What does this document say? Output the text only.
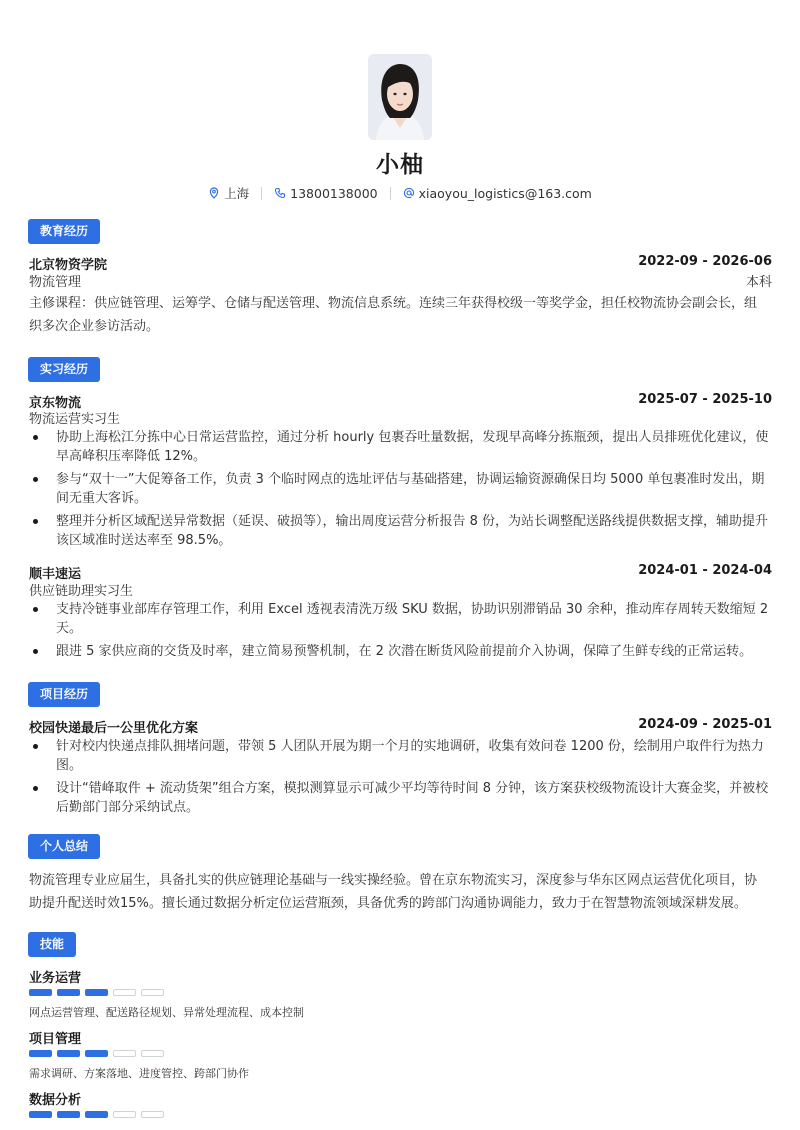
小柚
上海	13800138000	xiaoyou_logistics@163.com
教育经历
北京物资学院	2022-09 - 2026-06
物流管理	本科
主修课程：供应链管理、运筹学、仓储与配送管理、物流信息系统。连续三年获得校级一等奖学金，担任校物流协会副会长，组
织多次企业参访活动。
实习经历
京东物流	2025-07 - 2025-10
物流运营实习生
协助上海松江分拣中心日常运营监控，通过分析 hourly 包裹吞吐量数据，发现早高峰分拣瓶颈，提出人员排班优化建议，使早高峰积压率降低 12%。
参与“双十一”大促筹备工作，负责 3 个临时网点的选址评估与基础搭建，协调运输资源确保日均 5000 单包裹准时发出，期间无重大客诉。
整理并分析区域配送异常数据（延误、破损等），输出周度运营分析报告 8 份，为站长调整配送路线提供数据支撑，辅助提升该区域准时送达率至 98.5%。
顺丰速运	2024-01 - 2024-04
供应链助理实习生
支持冷链事业部库存管理工作，利用 Excel 透视表清洗万级 SKU 数据，协助识别滞销品 30 余种，推动库存周转天数缩短 2 天。
跟进 5 家供应商的交货及时率，建立简易预警机制，在 2 次潜在断货风险前提前介入协调，保障了生鲜专线的正常运转。
项目经历
校园快递最后一公里优化方案	2024-09 - 2025-01
针对校内快递点排队拥堵问题，带领 5 人团队开展为期一个月的实地调研，收集有效问卷 1200 份，绘制用户取件行为热力图。
设计“错峰取件 + 流动货架”组合方案，模拟测算显示可减少平均等待时间 8 分钟，该方案获校级物流设计大赛金奖，并被校后勤部门部分采纳试点。
个人总结
物流管理专业应届生，具备扎实的供应链理论基础与一线实操经验。曾在京东物流实习，深度参与华东区网点运营优化项目，协
助提升配送时效15%。擅长通过数据分析定位运营瓶颈，具备优秀的跨部门沟通协调能力，致力于在智慧物流领域深耕发展。
技能
业务运营
网点运营管理、配送路径规划、异常处理流程、成本控制
项目管理
需求调研、方案落地、进度管控、跨部门协作
数据分析
